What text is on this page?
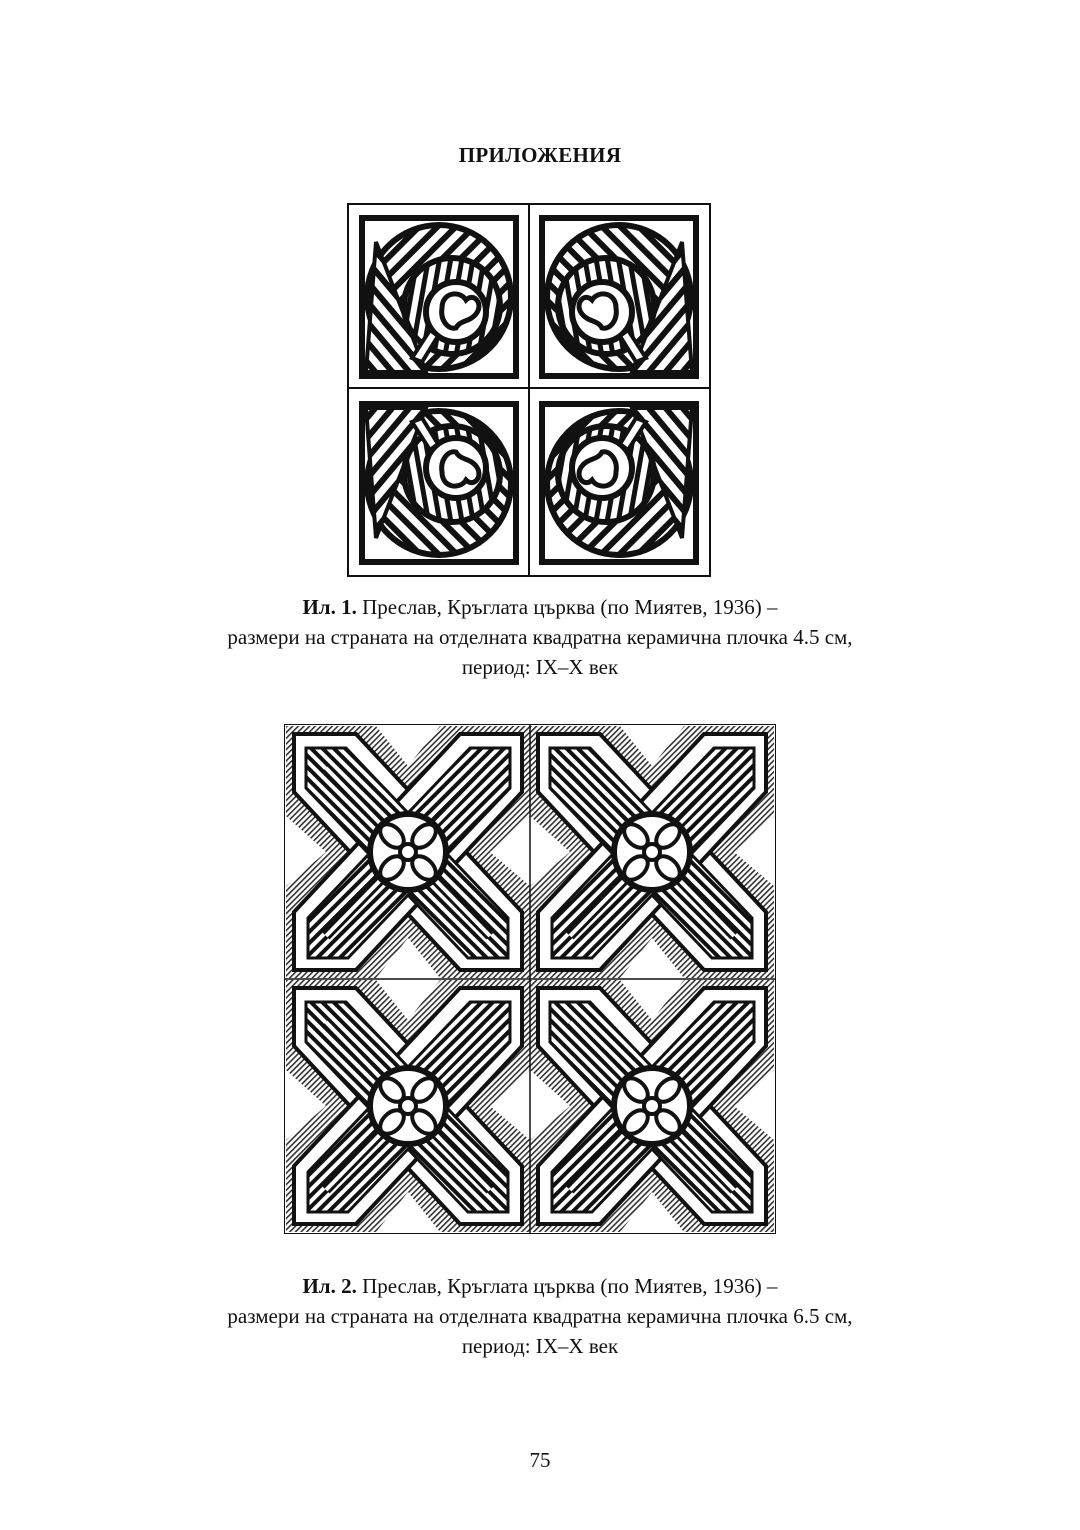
ПРИЛОЖЕНИЯ
Ил. 1. Преслав, Кръглата църква (по Миятев, 1936) –
размери на страната на отделната квадратна керамична плочка 4.5 см,
период: IX–X век
Ил. 2. Преслав, Кръглата църква (по Миятев, 1936) –
размери на страната на отделната квадратна керамична плочка 6.5 см,
период: IX–X век
75
